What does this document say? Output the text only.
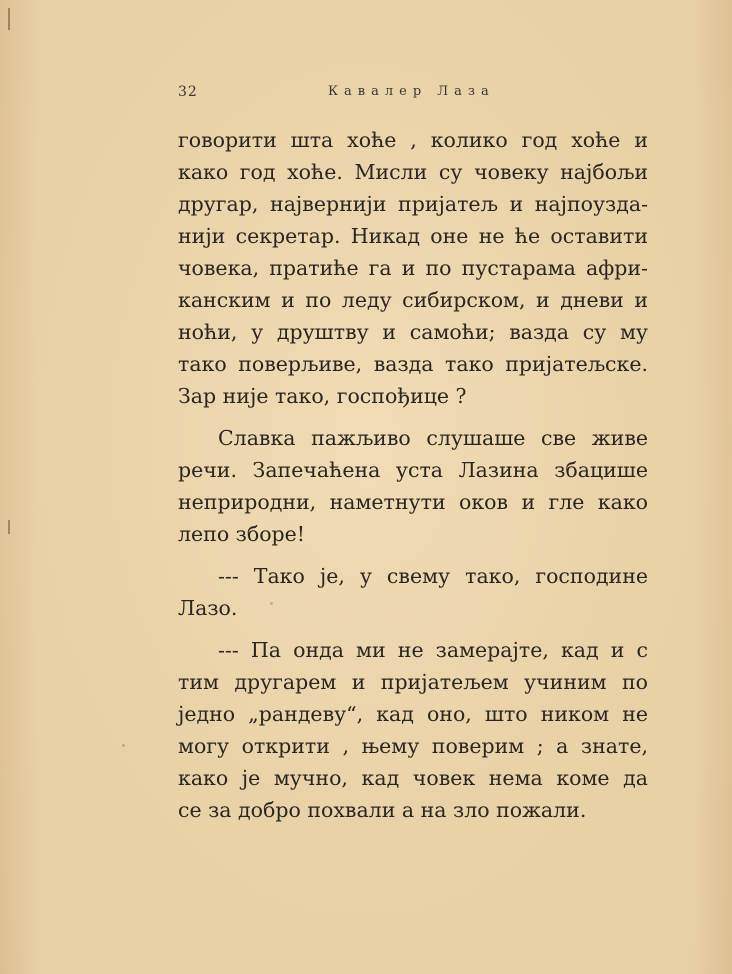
32	Кавалер Лаза

говорити шта хоће , колико год хоће и
како год хоће. Мисли су човеку најбољи
другар, највернији пријатељ и најпоузда-
нији секретар. Никад оне не ће оставити
човека, пратиће га и по пустарама афри-
канским и по леду сибирском, и дневи и
ноћи, у друштву и самоћи; вазда су му
тако поверљиве, вазда тако пријатељске.
Зар није тако, госпођице ?

Славка пажљиво слушаше све живе
речи. Запечаћена уста Лазина збацише
неприродни, наметнути оков и гле како
лепо зборе!

--- Тако је, у свему тако, господине
Лазо.

--- Па онда ми не замерајте, кад и с
тим другарем и пријатељем учиним по
једно „рандеву“, кад оно, што ником не
могу открити , њему поверим ; а знате,
како је мучно, кад човек нема коме да
се за добро похвали а на зло пожали.
